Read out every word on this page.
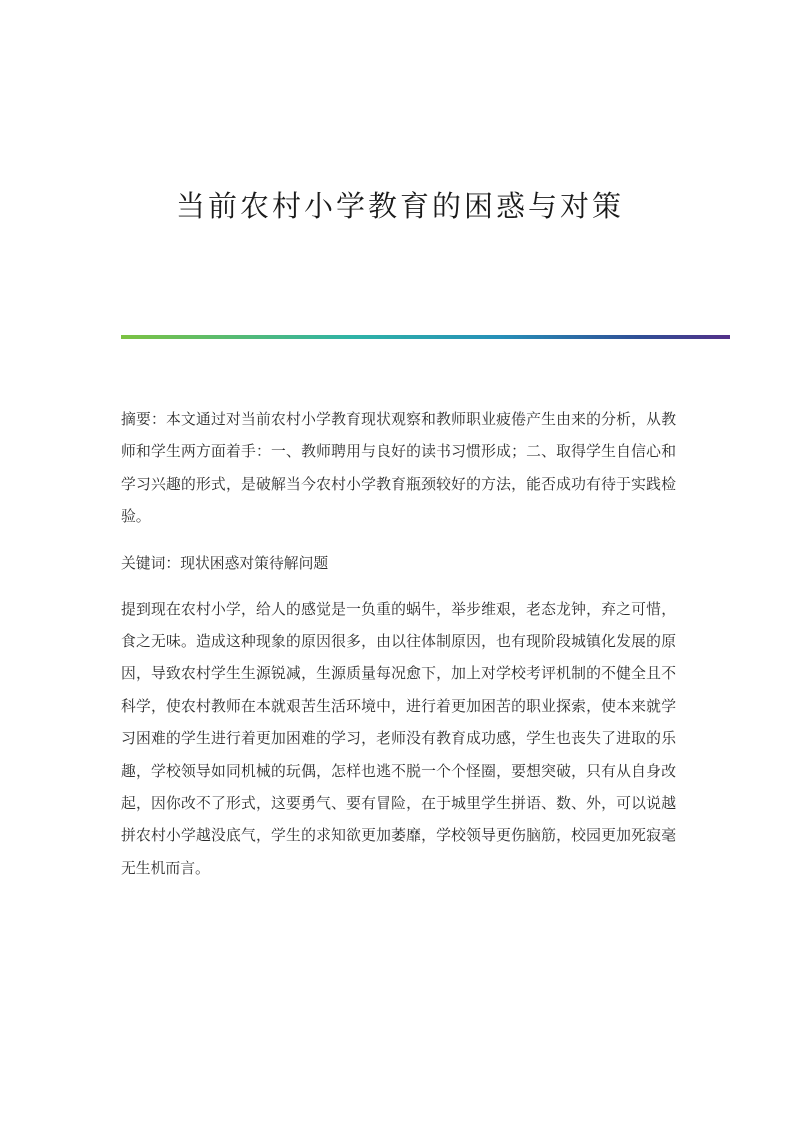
当前农村小学教育的困惑与对策

摘要：本文通过对当前农村小学教育现状观察和教师职业疲倦产生由来的分析，从教师和学生两方面着手：一、教师聘用与良好的读书习惯形成；二、取得学生自信心和学习兴趣的形式，是破解当今农村小学教育瓶颈较好的方法，能否成功有待于实践检验。

关键词：现状困惑对策待解问题

提到现在农村小学，给人的感觉是一负重的蜗牛，举步维艰，老态龙钟，弃之可惜，食之无味。造成这种现象的原因很多，由以往体制原因，也有现阶段城镇化发展的原因，导致农村学生生源锐减，生源质量每况愈下，加上对学校考评机制的不健全且不科学，使农村教师在本就艰苦生活环境中，进行着更加困苦的职业探索，使本来就学习困难的学生进行着更加困难的学习，老师没有教育成功感，学生也丧失了进取的乐趣，学校领导如同机械的玩偶，怎样也逃不脱一个个怪圈，要想突破，只有从自身改起，因你改不了形式，这要勇气、要有冒险，在于城里学生拼语、数、外，可以说越拼农村小学越没底气，学生的求知欲更加萎靡，学校领导更伤脑筋，校园更加死寂毫无生机而言。
